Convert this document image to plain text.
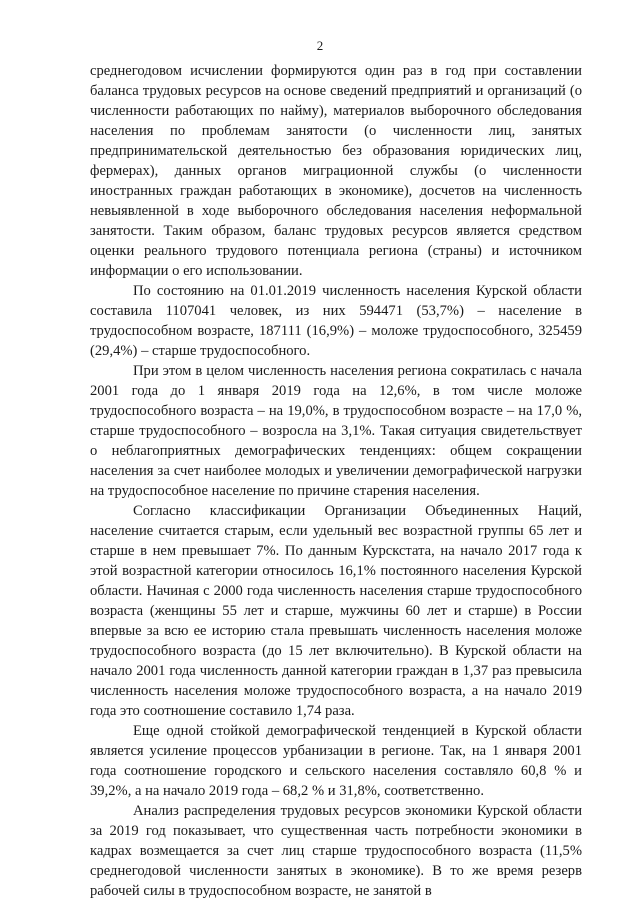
2

среднегодовом исчислении формируются один раз в год при составлении баланса трудовых ресурсов на основе сведений предприятий и организаций (о численности работающих по найму), материалов выборочного обследования населения по проблемам занятости (о численности лиц, занятых предпринимательской деятельностью без образования юридических лиц, фермерах), данных органов миграционной службы (о численности иностранных граждан работающих в экономике), досчетов на численность невыявленной в ходе выборочного обследования населения неформальной занятости. Таким образом, баланс трудовых ресурсов является средством оценки реального трудового потенциала региона (страны) и источником информации о его использовании.

По состоянию на 01.01.2019 численность населения Курской области составила 1107041 человек, из них 594471 (53,7%) – население в трудоспособном возрасте, 187111 (16,9%) – моложе трудоспособного, 325459 (29,4%) – старше трудоспособного.

При этом в целом численность населения региона сократилась с начала 2001 года до 1 января 2019 года на 12,6%, в том числе моложе трудоспособного возраста – на 19,0%, в трудоспособном возрасте – на 17,0 %, старше трудоспособного – возросла на 3,1%. Такая ситуация свидетельствует о неблагоприятных демографических тенденциях: общем сокращении населения за счет наиболее молодых и увеличении демографической нагрузки на трудоспособное население по причине старения населения.

Согласно классификации Организации Объединенных Наций, население считается старым, если удельный вес возрастной группы 65 лет и старше в нем превышает 7%. По данным Курскстата, на начало 2017 года к этой возрастной категории относилось 16,1% постоянного населения Курской области. Начиная с 2000 года численность населения старше трудоспособного возраста (женщины 55 лет и старше, мужчины 60 лет и старше) в России впервые за всю ее историю стала превышать численность населения моложе трудоспособного возраста (до 15 лет включительно). В Курской области на начало 2001 года численность данной категории граждан в 1,37 раз превысила численность населения моложе трудоспособного возраста, а на начало 2019 года это соотношение составило 1,74 раза.

Еще одной стойкой демографической тенденцией в Курской области является усиление процессов урбанизации в регионе. Так, на 1 января 2001 года соотношение городского и сельского населения составляло 60,8 % и 39,2%, а на начало 2019 года – 68,2 % и 31,8%, соответственно.

Анализ распределения трудовых ресурсов экономики Курской области за 2019 год показывает, что существенная часть потребности экономики в кадрах возмещается за счет лиц старше трудоспособного возраста (11,5% среднегодовой численности занятых в экономике). В то же время резерв рабочей силы в трудоспособном возрасте, не занятой в
